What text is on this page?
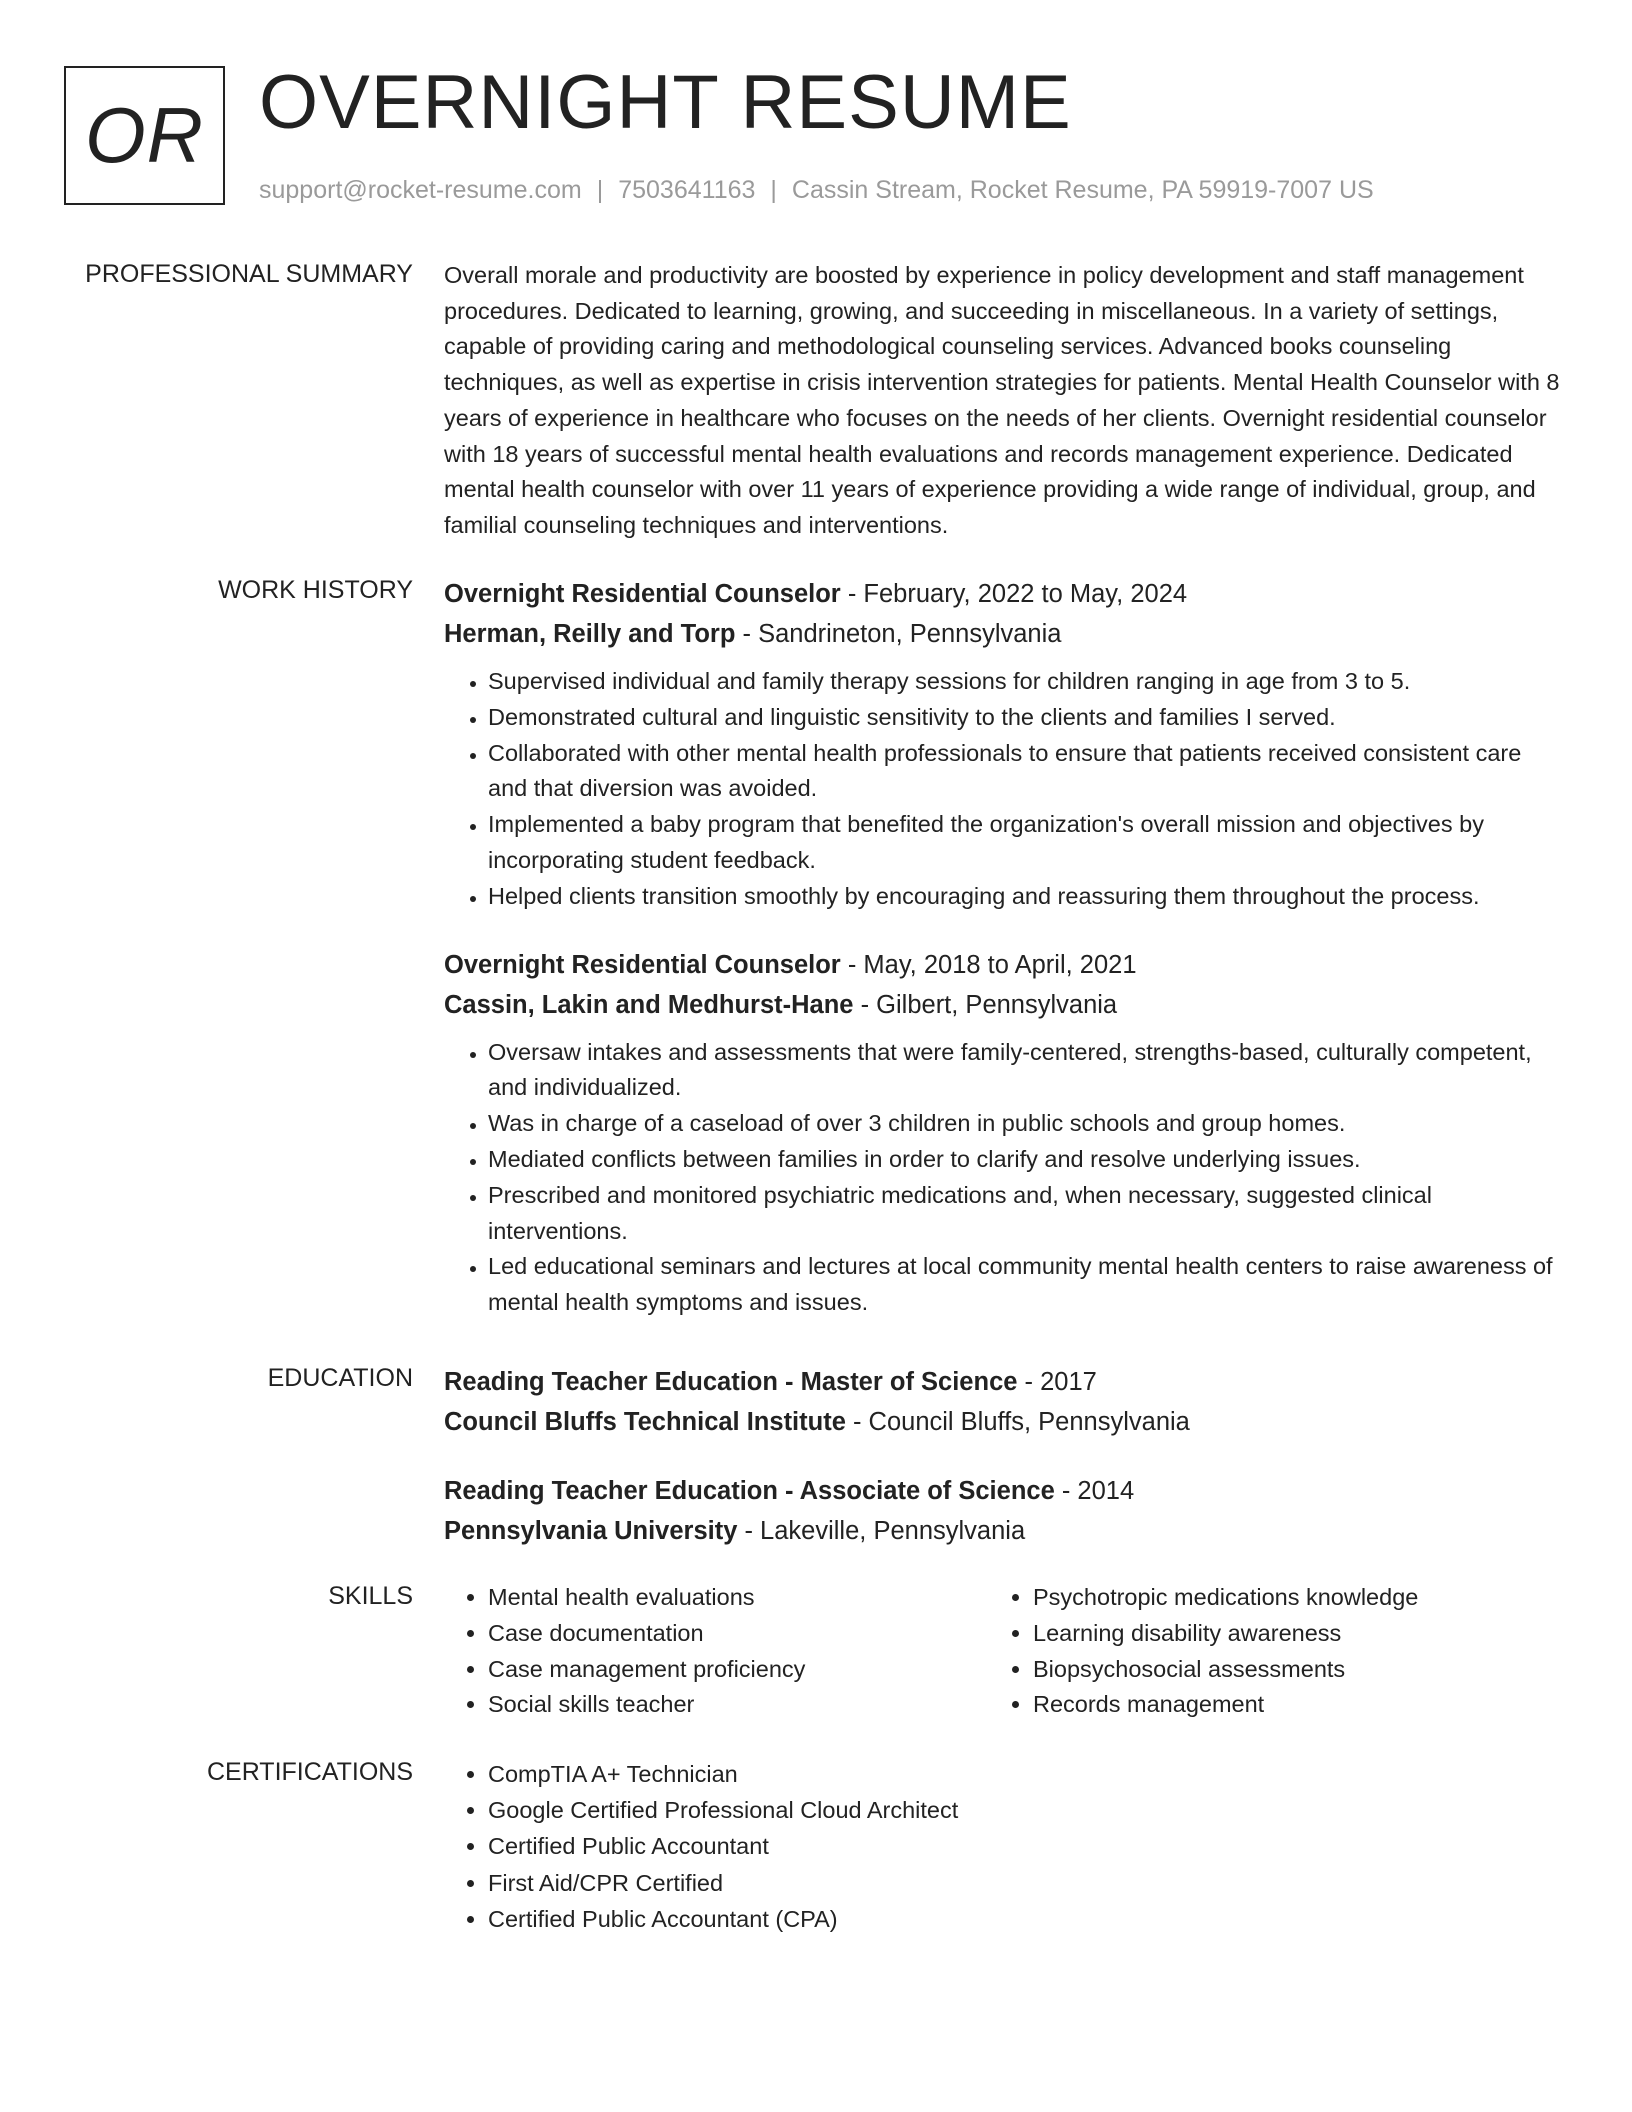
OR OVERNIGHT RESUME
support@rocket-resume.com | 7503641163 | Cassin Stream, Rocket Resume, PA 59919-7007 US
PROFESSIONAL SUMMARY Overall morale and productivity are boosted by experience in policy development and staff management procedures. Dedicated to learning, growing, and succeeding in miscellaneous. In a variety of settings, capable of providing caring and methodological counseling services. Advanced books counseling techniques, as well as expertise in crisis intervention strategies for patients. Mental Health Counselor with 8 years of experience in healthcare who focuses on the needs of her clients. Overnight residential counselor with 18 years of successful mental health evaluations and records management experience. Dedicated mental health counselor with over 11 years of experience providing a wide range of individual, group, and familial counseling techniques and interventions.

WORK HISTORY Overnight Residential Counselor - February, 2022 to May, 2024
Herman, Reilly and Torp - Sandrineton, Pennsylvania
• Supervised individual and family therapy sessions for children ranging in age from 3 to 5.
• Demonstrated cultural and linguistic sensitivity to the clients and families I served.
• Collaborated with other mental health professionals to ensure that patients received consistent care and that diversion was avoided.
• Implemented a baby program that benefited the organization's overall mission and objectives by incorporating student feedback.
• Helped clients transition smoothly by encouraging and reassuring them throughout the process.
Overnight Residential Counselor - May, 2018 to April, 2021
Cassin, Lakin and Medhurst-Hane - Gilbert, Pennsylvania
• Oversaw intakes and assessments that were family-centered, strengths-based, culturally competent, and individualized.
• Was in charge of a caseload of over 3 children in public schools and group homes.
• Mediated conflicts between families in order to clarify and resolve underlying issues.
• Prescribed and monitored psychiatric medications and, when necessary, suggested clinical interventions.
• Led educational seminars and lectures at local community mental health centers to raise awareness of mental health symptoms and issues.
EDUCATION Reading Teacher Education - Master of Science - 2017
Council Bluffs Technical Institute - Council Bluffs, Pennsylvania
Reading Teacher Education - Associate of Science - 2014
Pennsylvania University - Lakeville, Pennsylvania
SKILLS	• Mental health evaluations
• Case documentation
• Case management proficiency
• Social skills teacher
• Psychotropic medications knowledge
• Learning disability awareness
• Biopsychosocial assessments
• Records management
CERTIFICATIONS	• CompTIA A+ Technician
• Google Certified Professional Cloud Architect
• Certified Public Accountant
• First Aid/CPR Certified
• Certified Public Accountant (CPA)
